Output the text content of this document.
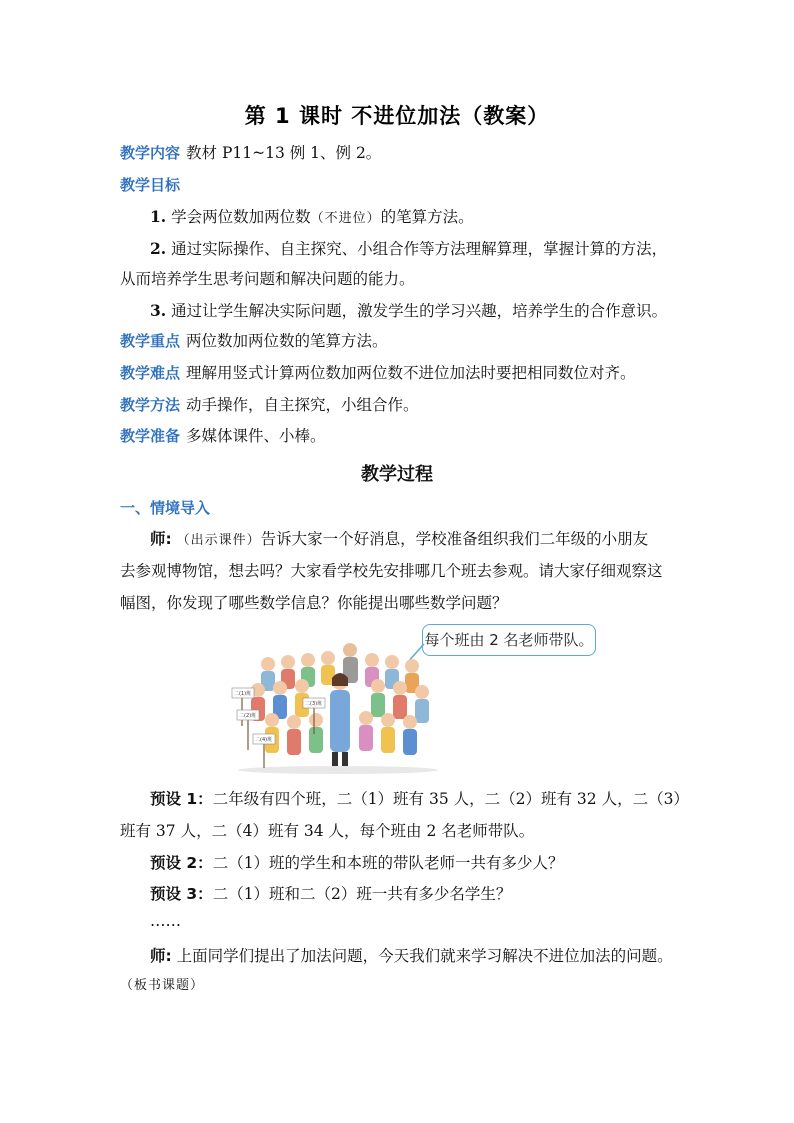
第 1 课时 不进位加法（教案）
教学内容 教材 P11~13 例 1、例 2。
教学目标
1. 学会两位数加两位数（不进位）的笔算方法。
2. 通过实际操作、自主探究、小组合作等方法理解算理，掌握计算的方法，
从而培养学生思考问题和解决问题的能力。
3. 通过让学生解决实际问题，激发学生的学习兴趣，培养学生的合作意识。
教学重点 两位数加两位数的笔算方法。
教学难点 理解用竖式计算两位数加两位数不进位加法时要把相同数位对齐。
教学方法 动手操作，自主探究，小组合作。
教学准备 多媒体课件、小棒。
教学过程
一、情境导入
师: （出示课件）告诉大家一个好消息，学校准备组织我们二年级的小朋友
去参观博物馆，想去吗？大家看学校先安排哪几个班去参观。请大家仔细观察这
幅图，你发现了哪些数学信息？你能提出哪些数学问题？
每个班由 2 名老师带队。
二(1)班
二(2)班
二(3)班
二(4)班
预设 1：二年级有四个班，二（1）班有 35 人，二（2）班有 32 人，二（3）
班有 37 人，二（4）班有 34 人，每个班由 2 名老师带队。
预设 2：二（1）班的学生和本班的带队老师一共有多少人？
预设 3：二（1）班和二（2）班一共有多少名学生？
……
师: 上面同学们提出了加法问题，今天我们就来学习解决不进位加法的问题。
（板书课题）
